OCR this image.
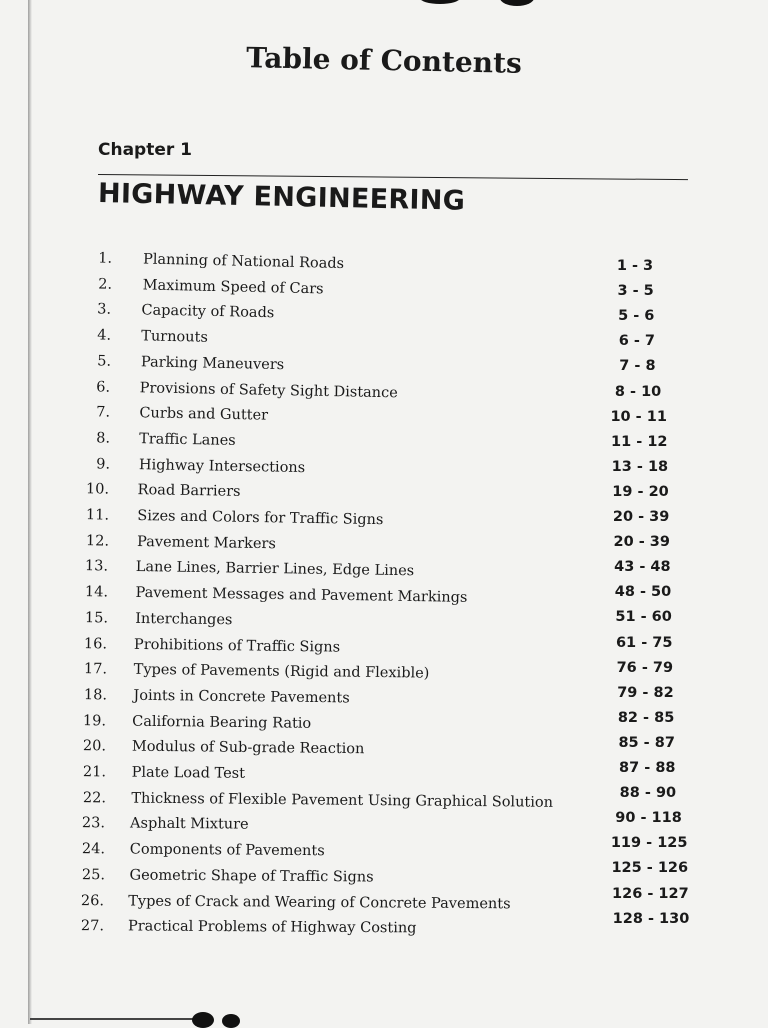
Table of Contents
Chapter 1
HIGHWAY ENGINEERING
1. Planning of National Roads	1 - 3
2. Maximum Speed of Cars	3 - 5
3. Capacity of Roads	5 - 6
4. Turnouts	6 - 7
5. Parking Maneuvers	7 - 8
6. Provisions of Safety Sight Distance	8 - 10
7. Curbs and Gutter	10 - 11
8. Traffic Lanes	11 - 12
9. Highway Intersections	13 - 18
10. Road Barriers	19 - 20
11. Sizes and Colors for Traffic Signs	20 - 39
12. Pavement Markers	20 - 39
13. Lane Lines, Barrier Lines, Edge Lines	43 - 48
14. Pavement Messages and Pavement Markings	48 - 50
15. Interchanges	51 - 60
16. Prohibitions of Traffic Signs	61 - 75
17. Types of Pavements (Rigid and Flexible)	76 - 79
18. Joints in Concrete Pavements	79 - 82
19. California Bearing Ratio	82 - 85
20. Modulus of Sub-grade Reaction	85 - 87
21. Plate Load Test	87 - 88
22. Thickness of Flexible Pavement Using Graphical Solution	88 - 90
23. Asphalt Mixture	90 - 118
24. Components of Pavements	119 - 125
25. Geometric Shape of Traffic Signs	125 - 126
26. Types of Crack and Wearing of Concrete Pavements	126 - 127
27. Practical Problems of Highway Costing	128 - 130
